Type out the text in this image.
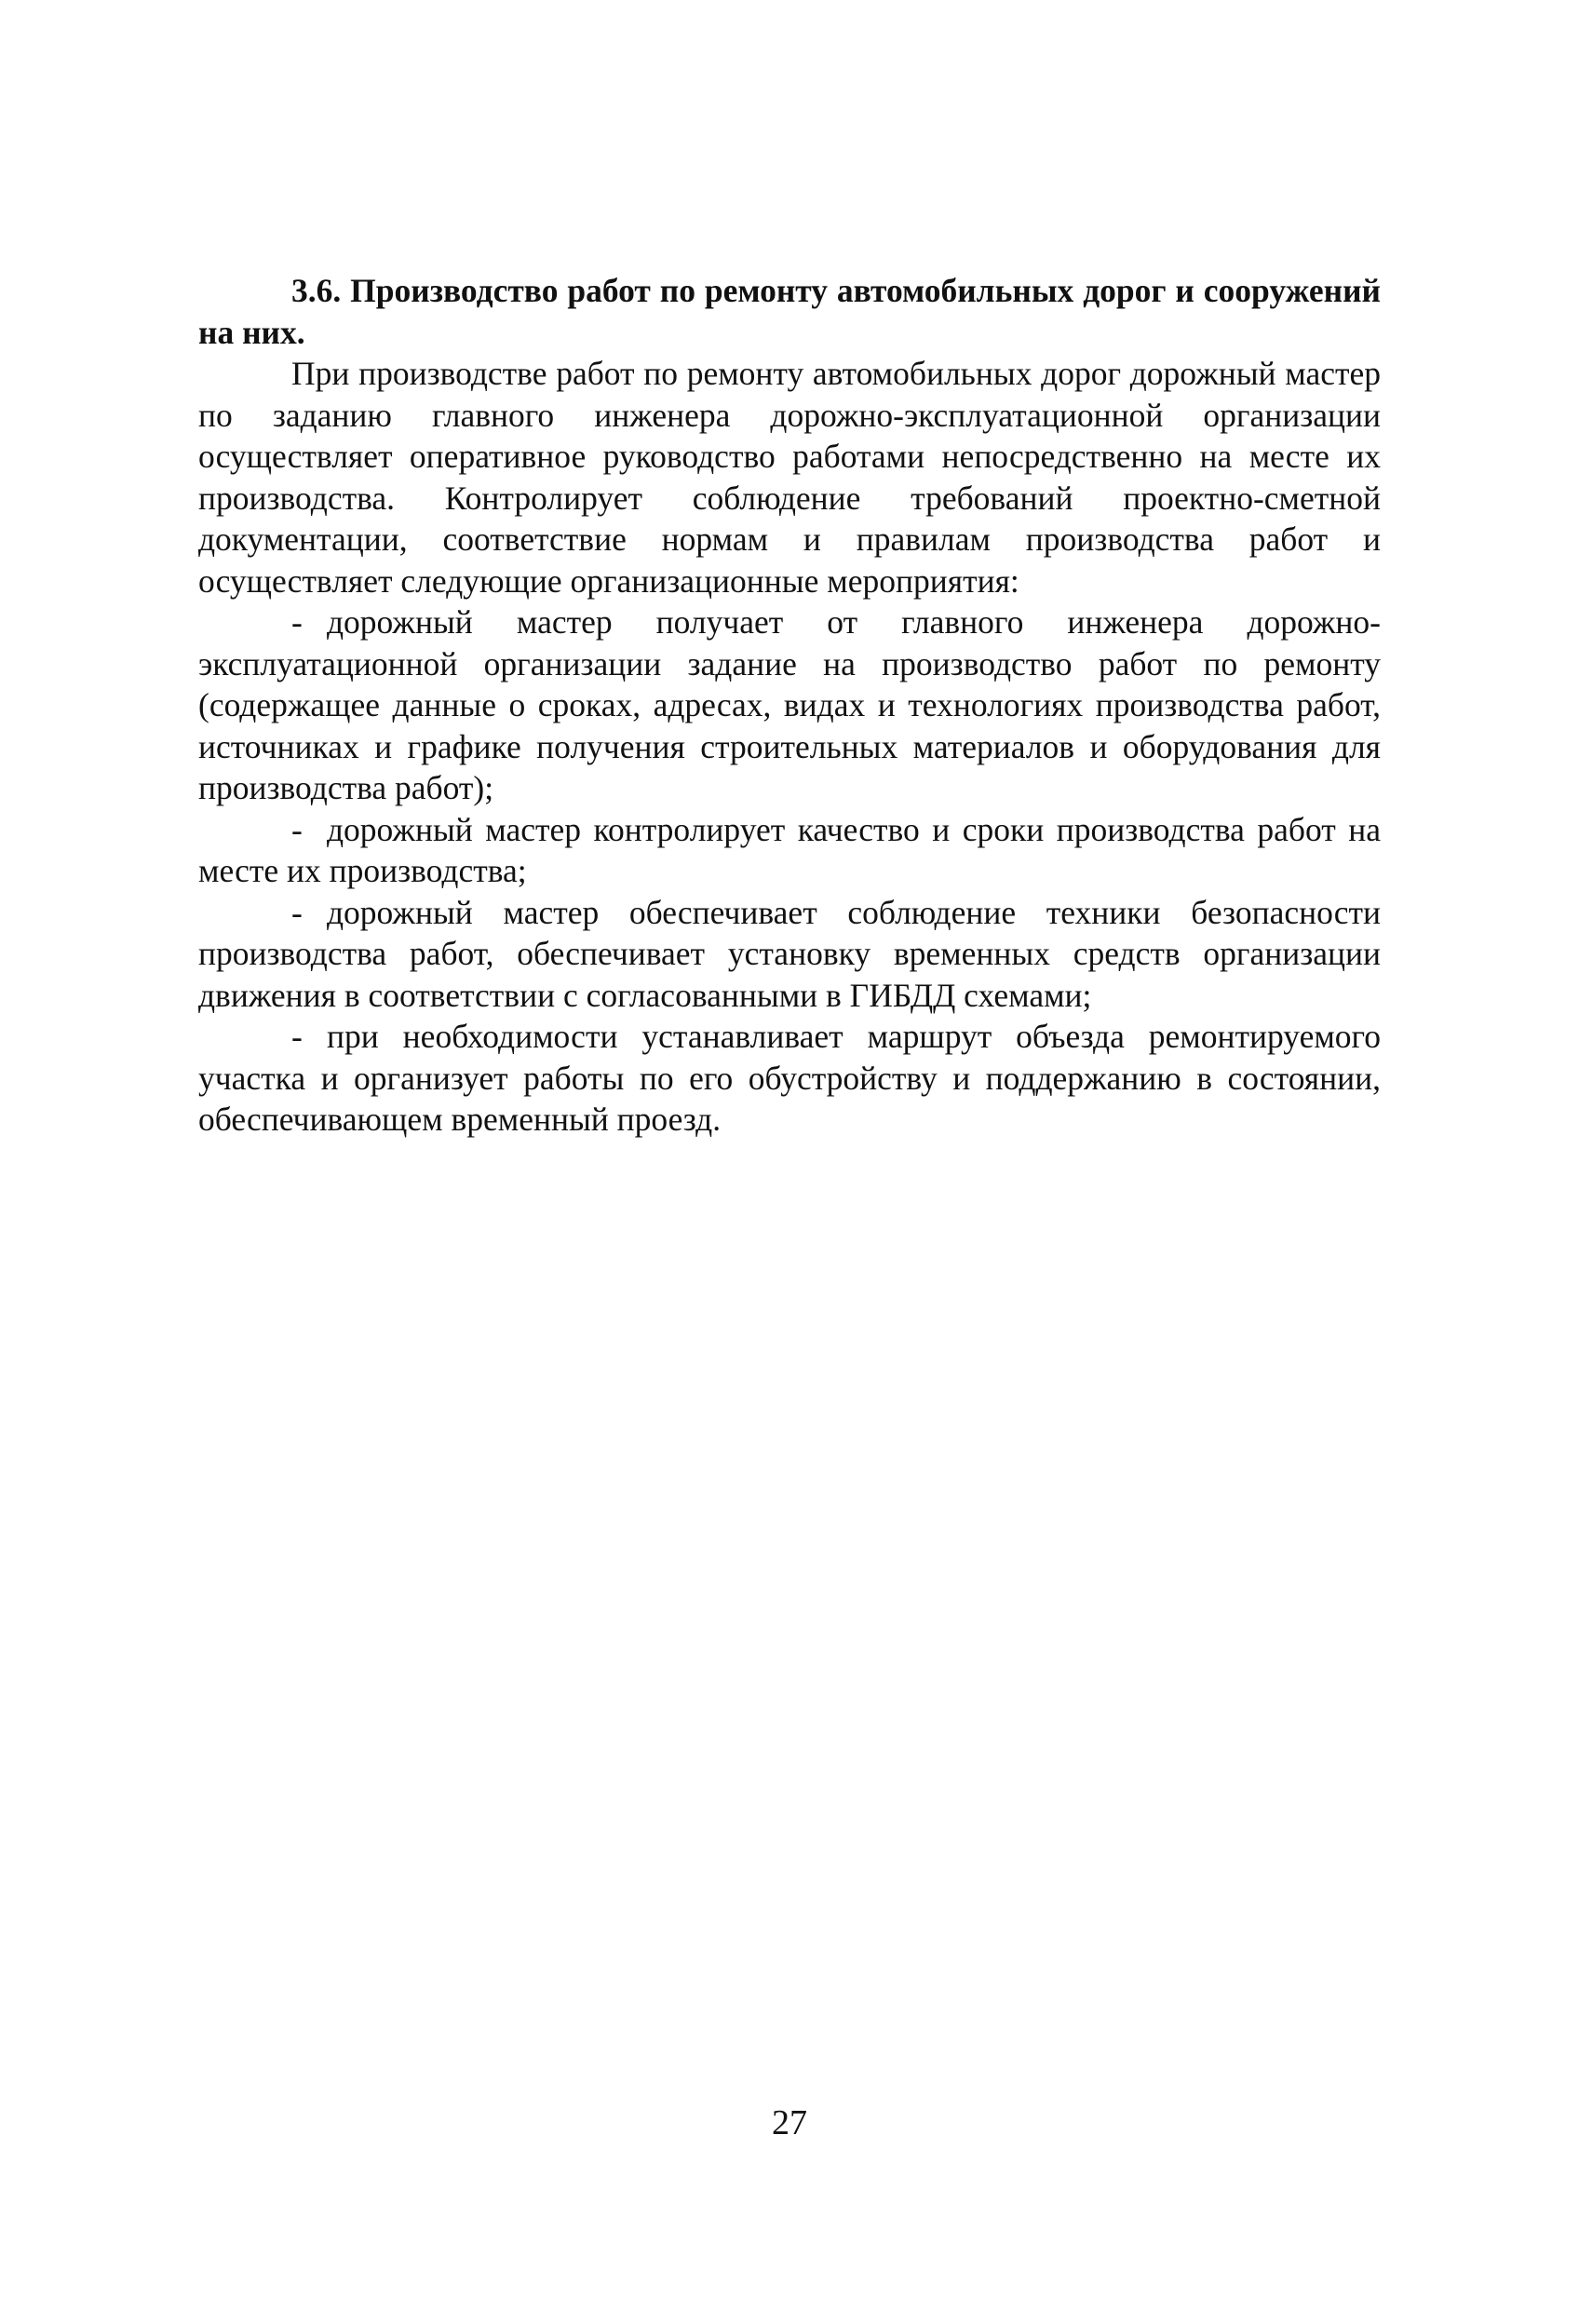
3.6. Производство работ по ремонту автомобильных дорог и сооружений на них.

При производстве работ по ремонту автомобильных дорог дорожный мастер по заданию главного инженера дорожно-эксплуатационной организации осуществляет оперативное руководство работами непосредственно на месте их производства. Контролирует соблюдение требований проектно-сметной документации, соответствие нормам и правилам производства работ и осуществляет следующие организационные мероприятия:

- дорожный мастер получает от главного инженера дорожно-эксплуатационной организации задание на производство работ по ремонту (содержащее данные о сроках, адресах, видах и технологиях производства работ, источниках и графике получения строительных материалов и оборудования для производства работ);

- дорожный мастер контролирует качество и сроки производства работ на месте их производства;

- дорожный мастер обеспечивает соблюдение техники безопасности производства работ, обеспечивает установку временных средств организации движения в соответствии с согласованными в ГИБДД схемами;

- при необходимости устанавливает маршрут объезда ремонтируемого участка и организует работы по его обустройству и поддержанию в состоянии, обеспечивающем временный проезд.

27
